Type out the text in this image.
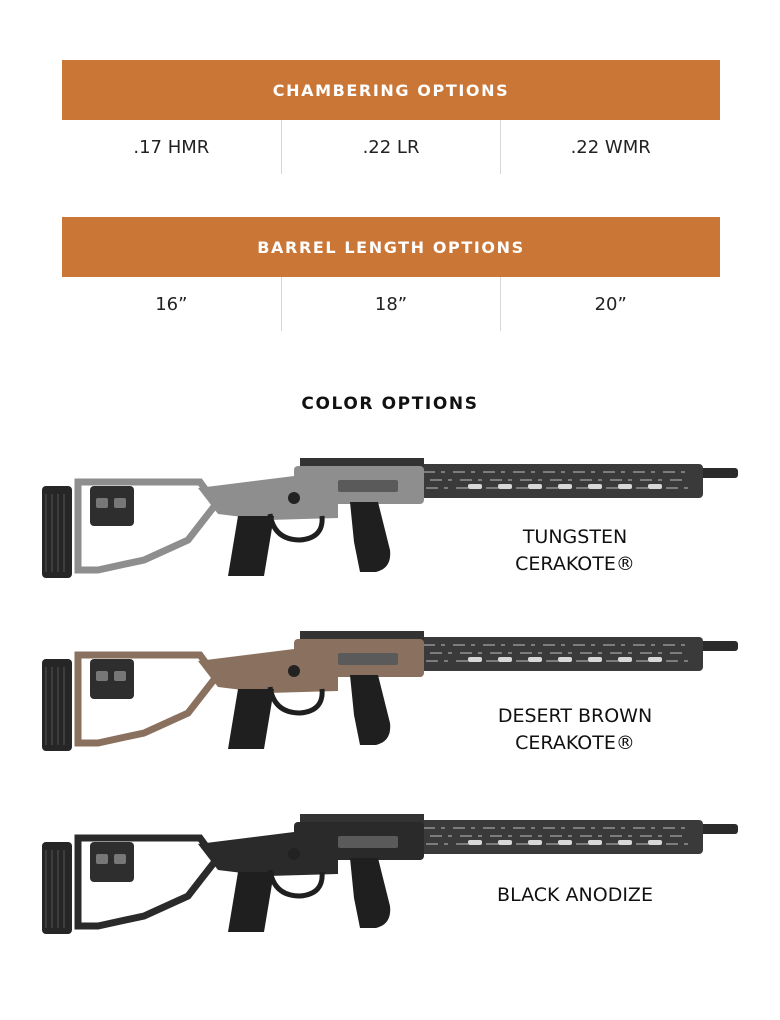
CHAMBERING OPTIONS
.17 HMR	.22 LR	.22 WMR
BARREL LENGTH OPTIONS
16”	18”	20”
COLOR OPTIONS
TUNGSTEN
CERAKOTE®
DESERT BROWN
CERAKOTE®
BLACK ANODIZE
